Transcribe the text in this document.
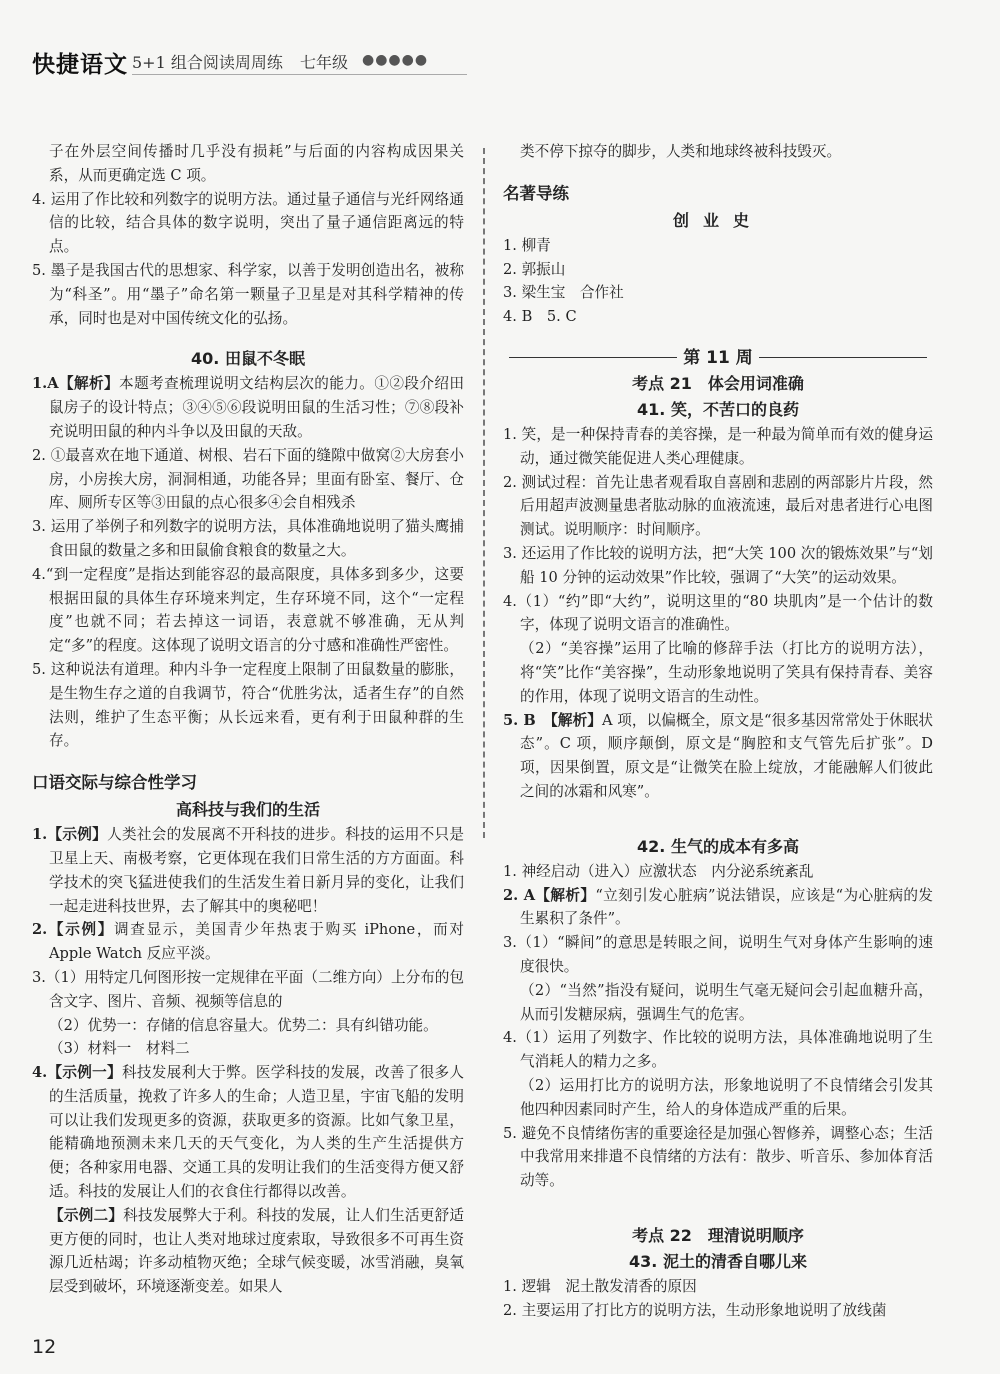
快捷语文 5+1 组合阅读周周练 七年级 ●●●●●

子在外层空间传播时几乎没有损耗”与后面的内容构成因果关系，从而更确定选 C 项。

4. 运用了作比较和列数字的说明方法。通过量子通信与光纤网络通信的比较，结合具体的数字说明，突出了量子通信距离远的特点。

5. 墨子是我国古代的思想家、科学家，以善于发明创造出名，被称为“科圣”。用“墨子”命名第一颗量子卫星是对其科学精神的传承，同时也是对中国传统文化的弘扬。

40. 田鼠不冬眠

1.A【解析】本题考查梳理说明文结构层次的能力。①②段介绍田鼠房子的设计特点；③④⑤⑥段说明田鼠的生活习性；⑦⑧段补充说明田鼠的种内斗争以及田鼠的天敌。

2. ①最喜欢在地下通道、树根、岩石下面的缝隙中做窝②大房套小房，小房挨大房，洞洞相通，功能各异；里面有卧室、餐厅、仓库、厕所专区等③田鼠的点心很多④会自相残杀

3. 运用了举例子和列数字的说明方法，具体准确地说明了猫头鹰捕食田鼠的数量之多和田鼠偷食粮食的数量之大。

4.“到一定程度”是指达到能容忍的最高限度，具体多到多少，这要根据田鼠的具体生存环境来判定，生存环境不同，这个“一定程度”也就不同；若去掉这一词语，表意就不够准确，无从判定“多”的程度。这体现了说明文语言的分寸感和准确性严密性。

5. 这种说法有道理。种内斗争一定程度上限制了田鼠数量的膨胀，是生物生存之道的自我调节，符合“优胜劣汰，适者生存”的自然法则，维护了生态平衡；从长远来看，更有利于田鼠种群的生存。

口语交际与综合性学习

高科技与我们的生活

1.【示例】人类社会的发展离不开科技的进步。科技的运用不只是卫星上天、南极考察，它更体现在我们日常生活的方方面面。科学技术的突飞猛进使我们的生活发生着日新月异的变化，让我们一起走进科技世界，去了解其中的奥秘吧！

2.【示例】调查显示，美国青少年热衷于购买 iPhone，而对 Apple Watch 反应平淡。

3.（1）用特定几何图形按一定规律在平面（二维方向）上分布的包含文字、图片、音频、视频等信息的

（2）优势一：存储的信息容量大。优势二：具有纠错功能。

（3）材料一　材料二

4.【示例一】科技发展利大于弊。医学科技的发展，改善了很多人的生活质量，挽救了许多人的生命；人造卫星，宇宙飞船的发明可以让我们发现更多的资源，获取更多的资源。比如气象卫星，能精确地预测未来几天的天气变化，为人类的生产生活提供方便；各种家用电器、交通工具的发明让我们的生活变得方便又舒适。科技的发展让人们的衣食住行都得以改善。

【示例二】科技发展弊大于利。科技的发展，让人们生活更舒适更方便的同时，也让人类对地球过度索取，导致很多不可再生资源几近枯竭；许多动植物灭绝；全球气候变暖，冰雪消融，臭氧层受到破坏，环境逐渐变差。如果人

类不停下掠夺的脚步，人类和地球终被科技毁灭。

名著导练

创业史

1. 柳青

2. 郭振山

3. 梁生宝　合作社

4. B　5. C

第 11 周

考点 21　体会用词准确

41. 笑，不苦口的良药

1. 笑，是一种保持青春的美容操，是一种最为简单而有效的健身运动，通过微笑能促进人类心理健康。

2. 测试过程：首先让患者观看取自喜剧和悲剧的两部影片片段，然后用超声波测量患者肱动脉的血液流速，最后对患者进行心电图测试。说明顺序：时间顺序。

3. 还运用了作比较的说明方法，把“大笑 100 次的锻炼效果”与“划船 10 分钟的运动效果”作比较，强调了“大笑”的运动效果。

4.（1）“约”即“大约”，说明这里的“80 块肌肉”是一个估计的数字，体现了说明文语言的准确性。

（2）“美容操”运用了比喻的修辞手法（打比方的说明方法），将“笑”比作“美容操”，生动形象地说明了笑具有保持青春、美容的作用，体现了说明文语言的生动性。

5. B　【解析】A 项，以偏概全，原文是“很多基因常常处于休眠状态”。C 项，顺序颠倒，原文是“胸腔和支气管先后扩张”。D 项，因果倒置，原文是“让微笑在脸上绽放，才能融解人们彼此之间的冰霜和风寒”。

42. 生气的成本有多高

1. 神经启动（进入）应激状态　内分泌系统紊乱

2. A【解析】“立刻引发心脏病”说法错误，应该是“为心脏病的发生累积了条件”。

3.（1）“瞬间”的意思是转眼之间，说明生气对身体产生影响的速度很快。

（2）“当然”指没有疑问，说明生气毫无疑问会引起血糖升高，从而引发糖尿病，强调生气的危害。

4.（1）运用了列数字、作比较的说明方法，具体准确地说明了生气消耗人的精力之多。

（2）运用打比方的说明方法，形象地说明了不良情绪会引发其他四种因素同时产生，给人的身体造成严重的后果。

5. 避免不良情绪伤害的重要途径是加强心智修养，调整心态；生活中我常用来排遣不良情绪的方法有：散步、听音乐、参加体育活动等。

考点 22　理清说明顺序

43. 泥土的清香自哪儿来

1. 逻辑　泥土散发清香的原因

2. 主要运用了打比方的说明方法，生动形象地说明了放线菌

12
